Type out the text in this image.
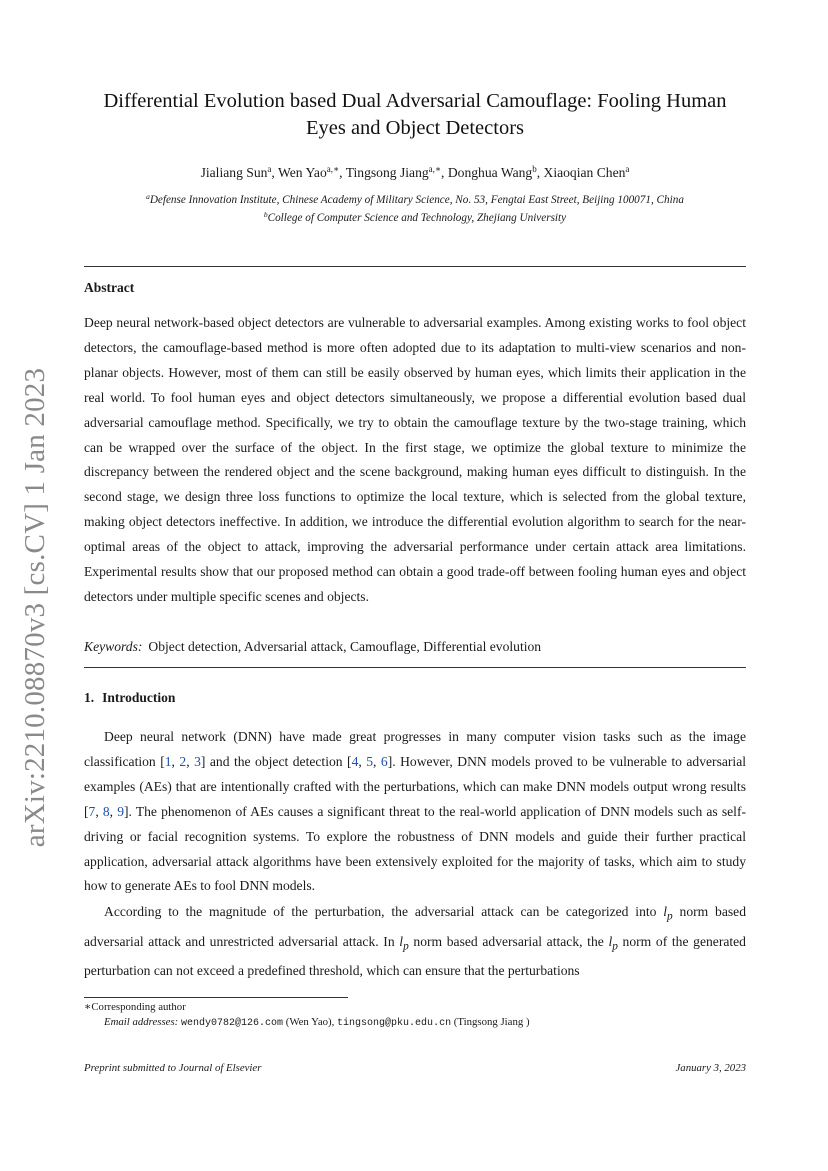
arXiv:2210.08870v3 [cs.CV] 1 Jan 2023
Differential Evolution based Dual Adversarial Camouflage: Fooling Human
Eyes and Object Detectors
Jialiang Sun$^a$, Wen Yao$^{a,∗}$, Tingsong Jiang$^{a,∗}$, Donghua Wang$^b$, Xiaoqian Chen$^a$
$^a$Defense Innovation Institute, Chinese Academy of Military Science, No. 53, Fengtai East Street, Beijing 100071, China
$^b$College of Computer Science and Technology, Zhejiang University
Abstract

Deep neural network-based object detectors are vulnerable to adversarial examples. Among existing works to fool object detectors, the camouflage-based method is more often adopted due to its adaptation to multi-view scenarios and non-planar objects. However, most of them can still be easily observed by human eyes, which limits their application in the real world. To fool human eyes and object detectors simultaneously, we propose a differential evolution based dual adversarial camouflage method. Specifically, we try to obtain the camouflage texture by the two-stage training, which can be wrapped over the surface of the object. In the first stage, we optimize the global texture to minimize the discrepancy between the rendered object and the scene background, making human eyes difficult to distinguish. In the second stage, we design three loss functions to optimize the local texture, which is selected from the global texture, making object detectors ineffective. In addition, we introduce the differential evolution algorithm to search for the near-optimal areas of the object to attack, improving the adversarial performance under certain attack area limitations. Experimental results show that our proposed method can obtain a good trade-off between fooling human eyes and object detectors under multiple specific scenes and objects.

Keywords: Object detection, Adversarial attack, Camouflage, Differential evolution
1. Introduction

Deep neural network (DNN) have made great progresses in many computer vision tasks such as the image classification [1, 2, 3] and the object detection [4, 5, 6]. However, DNN models proved to be vulnerable to adversarial examples (AEs) that are intentionally crafted with the perturbations, which can make DNN models output wrong results [7, 8, 9]. The phenomenon of AEs causes a significant threat to the real-world application of DNN models such as self-driving or facial recognition systems. To explore the robustness of DNN models and guide their further practical application, adversarial attack algorithms have been extensively exploited for the majority of tasks, which aim to study how to generate AEs to fool DNN models.

According to the magnitude of the perturbation, the adversarial attack can be categorized into $l_p$ norm based adversarial attack and unrestricted adversarial attack. In $l_p$ norm based adversarial attack, the $l_p$ norm of the generated perturbation can not exceed a predefined threshold, which can ensure that the perturbations

∗Corresponding author
Email addresses: wendy0782@126.com (Wen Yao), tingsong@pku.edu.cn (Tingsong Jiang )
Preprint submitted to Journal of Elsevier	January 3, 2023
